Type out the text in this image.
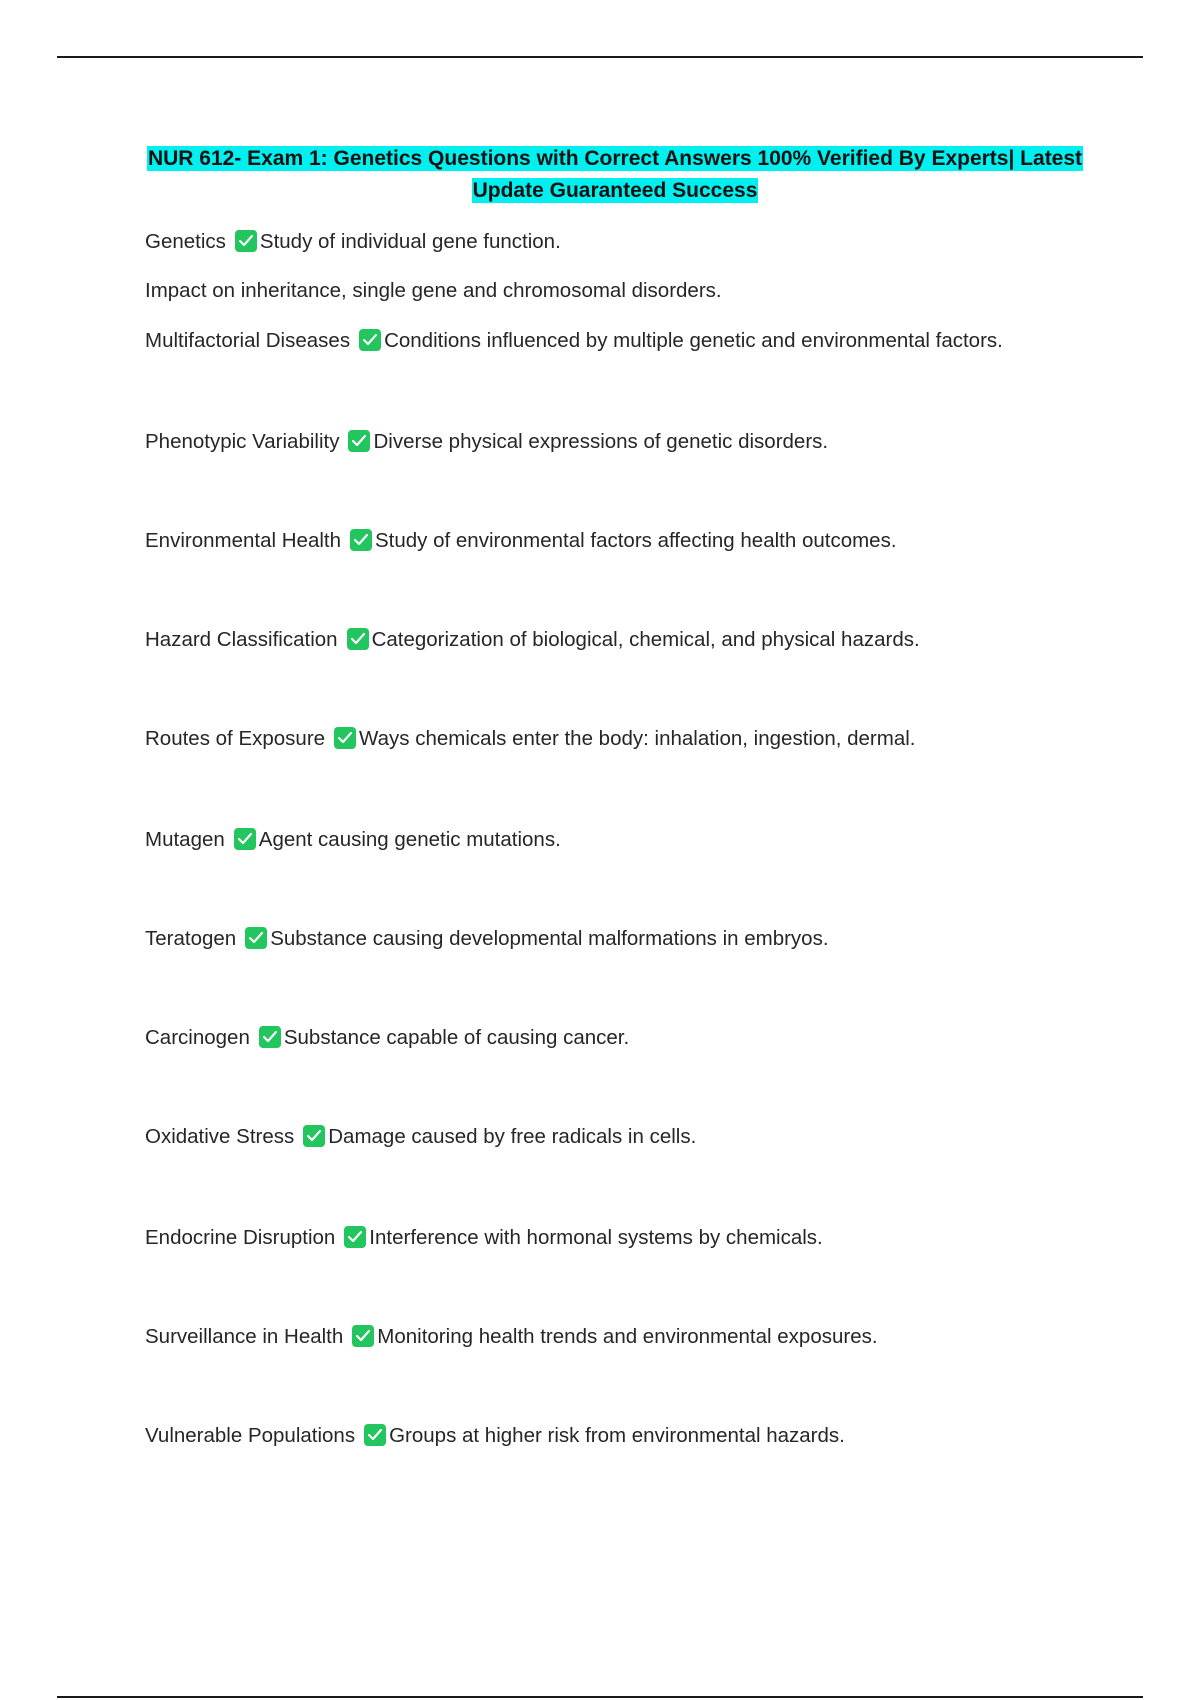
NUR 612- Exam 1: Genetics Questions with Correct Answers 100% Verified By Experts| Latest
Update Guaranteed Success
Genetics Study of individual gene function.
Impact on inheritance, single gene and chromosomal disorders.
Multifactorial Diseases Conditions influenced by multiple genetic and environmental factors.
Phenotypic Variability Diverse physical expressions of genetic disorders.
Environmental Health Study of environmental factors affecting health outcomes.
Hazard Classification Categorization of biological, chemical, and physical hazards.
Routes of Exposure Ways chemicals enter the body: inhalation, ingestion, dermal.
Mutagen Agent causing genetic mutations.
Teratogen Substance causing developmental malformations in embryos.
Carcinogen Substance capable of causing cancer.
Oxidative Stress Damage caused by free radicals in cells.
Endocrine Disruption Interference with hormonal systems by chemicals.
Surveillance in Health Monitoring health trends and environmental exposures.
Vulnerable Populations Groups at higher risk from environmental hazards.
